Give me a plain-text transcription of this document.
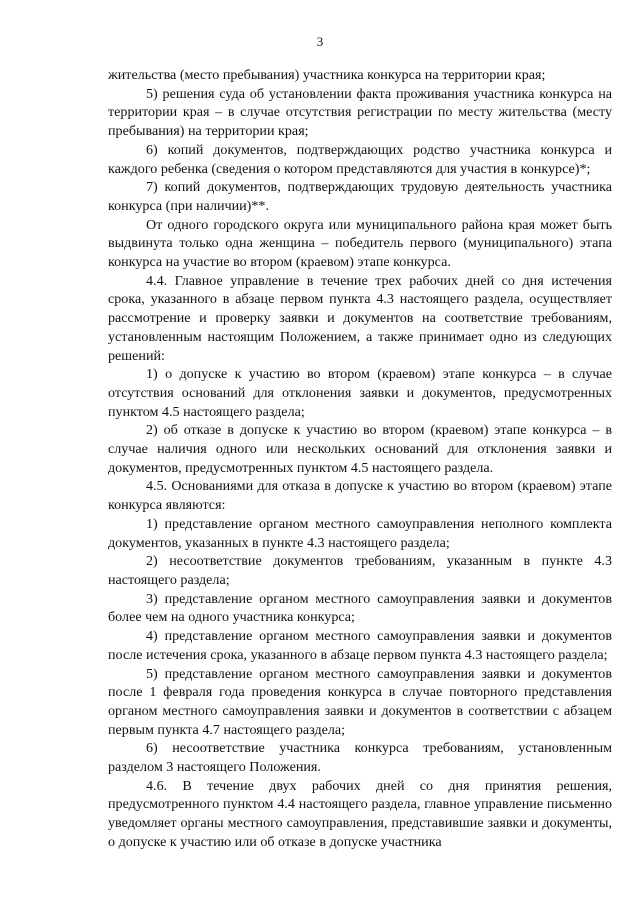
3

жительства (место пребывания) участника конкурса на территории края;

5) решения суда об установлении факта проживания участника конкурса на территории края – в случае отсутствия регистрации по месту жительства (месту пребывания) на территории края;

6) копий документов, подтверждающих родство участника конкурса и каждого ребенка (сведения о котором представляются для участия в конкурсе)*;

7) копий документов, подтверждающих трудовую деятельность участника конкурса (при наличии)**.

От одного городского округа или муниципального района края может быть выдвинута только одна женщина – победитель первого (муниципального) этапа конкурса на участие во втором (краевом) этапе конкурса.

4.4. Главное управление в течение трех рабочих дней со дня истечения срока, указанного в абзаце первом пункта 4.3 настоящего раздела, осуществляет рассмотрение и проверку заявки и документов на соответствие требованиям, установленным настоящим Положением, а также принимает одно из следующих решений:

1) о допуске к участию во втором (краевом) этапе конкурса – в случае отсутствия оснований для отклонения заявки и документов, предусмотренных пунктом 4.5 настоящего раздела;

2) об отказе в допуске к участию во втором (краевом) этапе конкурса – в случае наличия одного или нескольких оснований для отклонения заявки и документов, предусмотренных пунктом 4.5 настоящего раздела.

4.5. Основаниями для отказа в допуске к участию во втором (краевом) этапе конкурса являются:

1) представление органом местного самоуправления неполного комплекта документов, указанных в пункте 4.3 настоящего раздела;

2) несоответствие документов требованиям, указанным в пункте 4.3 настоящего раздела;

3) представление органом местного самоуправления заявки и документов более чем на одного участника конкурса;

4) представление органом местного самоуправления заявки и документов после истечения срока, указанного в абзаце первом пункта 4.3 настоящего раздела;

5) представление органом местного самоуправления заявки и документов после 1 февраля года проведения конкурса в случае повторного представления органом местного самоуправления заявки и документов в соответствии с абзацем первым пункта 4.7 настоящего раздела;

6) несоответствие участника конкурса требованиям, установленным разделом 3 настоящего Положения.

4.6. В течение двух рабочих дней со дня принятия решения, предусмотренного пунктом 4.4 настоящего раздела, главное управление письменно уведомляет органы местного самоуправления, представившие заявки и документы, о допуске к участию или об отказе в допуске участника
